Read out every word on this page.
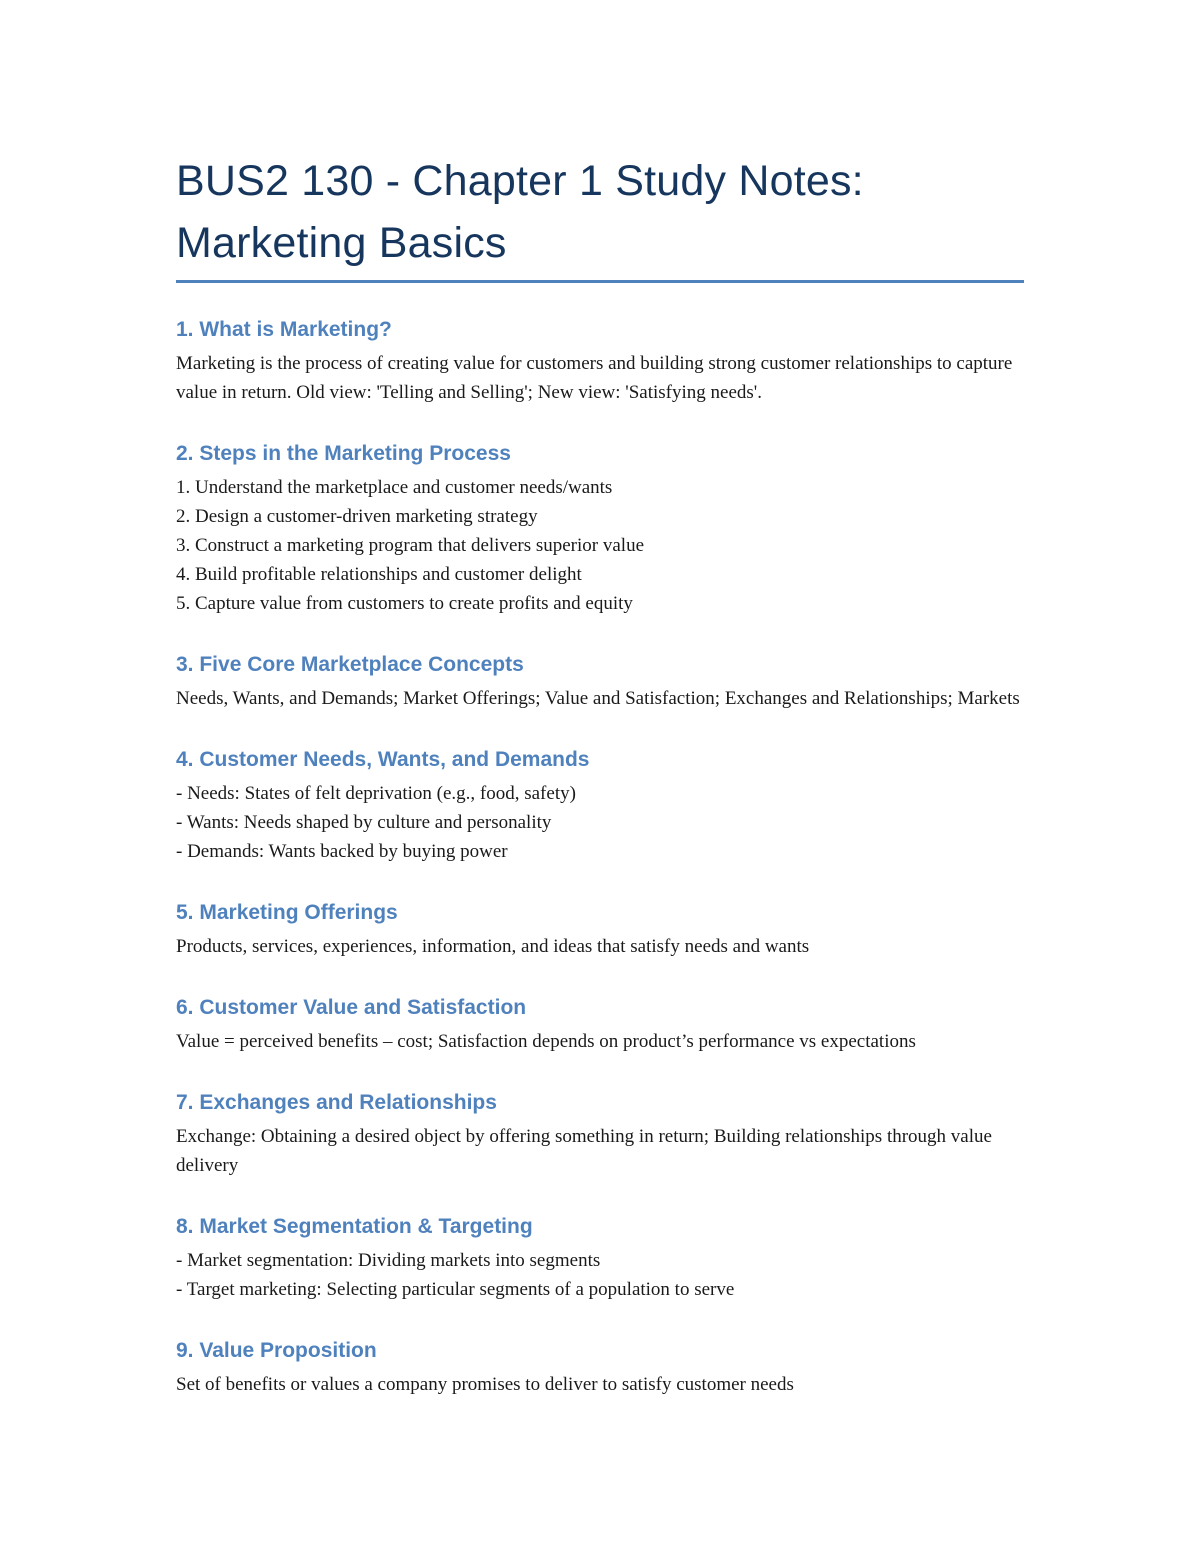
BUS2 130 - Chapter 1 Study Notes:
Marketing Basics
1. What is Marketing?

Marketing is the process of creating value for customers and building strong customer relationships to capture value in return. Old view: 'Telling and Selling'; New view: 'Satisfying needs'.

2. Steps in the Marketing Process
1. Understand the marketplace and customer needs/wants
2. Design a customer-driven marketing strategy
3. Construct a marketing program that delivers superior value
4. Build profitable relationships and customer delight
5. Capture value from customers to create profits and equity
3. Five Core Marketplace Concepts

Needs, Wants, and Demands; Market Offerings; Value and Satisfaction; Exchanges and Relationships; Markets

4. Customer Needs, Wants, and Demands
- Needs: States of felt deprivation (e.g., food, safety)
- Wants: Needs shaped by culture and personality
- Demands: Wants backed by buying power
5. Marketing Offerings

Products, services, experiences, information, and ideas that satisfy needs and wants

6. Customer Value and Satisfaction

Value = perceived benefits – cost; Satisfaction depends on product’s performance vs expectations

7. Exchanges and Relationships

Exchange: Obtaining a desired object by offering something in return; Building relationships through value delivery

8. Market Segmentation & Targeting
- Market segmentation: Dividing markets into segments
- Target marketing: Selecting particular segments of a population to serve
9. Value Proposition

Set of benefits or values a company promises to deliver to satisfy customer needs
